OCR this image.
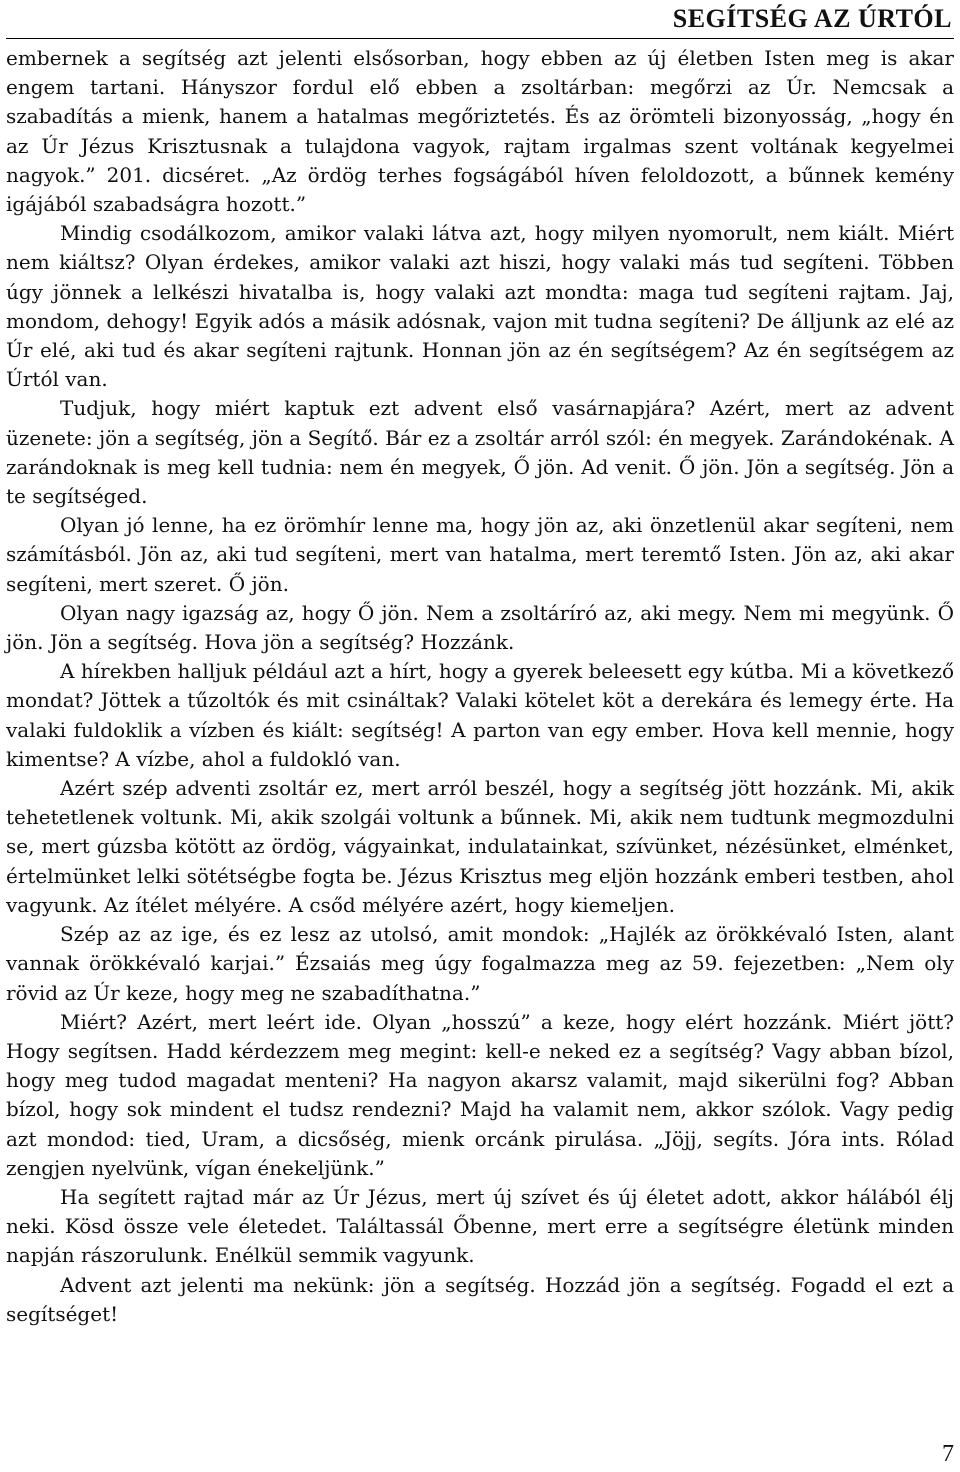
SEGÍTSÉG AZ ÚRTÓL

embernek a segítség azt jelenti elsősorban, hogy ebben az új életben Isten meg is akar engem tartani. Hányszor fordul elő ebben a zsoltárban: megőrzi az Úr. Nemcsak a szabadítás a mienk, hanem a hatalmas megőriztetés. És az örömteli bizonyosság, „hogy én az Úr Jézus Krisztusnak a tulajdona vagyok, rajtam irgalmas szent voltának kegyelmei nagyok.” 201. dicséret. „Az ördög terhes fogságából híven feloldozott, a bűnnek kemény igájából szabadságra hozott.”

Mindig csodálkozom, amikor valaki látva azt, hogy milyen nyomorult, nem kiált. Miért nem kiáltsz? Olyan érdekes, amikor valaki azt hiszi, hogy valaki más tud segíteni. Többen úgy jönnek a lelkészi hivatalba is, hogy valaki azt mondta: maga tud segíteni rajtam. Jaj, mondom, dehogy! Egyik adós a másik adósnak, vajon mit tudna segíteni? De álljunk az elé az Úr elé, aki tud és akar segíteni rajtunk. Honnan jön az én segítségem? Az én segítségem az Úrtól van.

Tudjuk, hogy miért kaptuk ezt advent első vasárnapjára? Azért, mert az advent üzenete: jön a segítség, jön a Segítő. Bár ez a zsoltár arról szól: én megyek. Zarándokénak. A zarándoknak is meg kell tudnia: nem én megyek, Ő jön. Ad venit. Ő jön. Jön a segítség. Jön a te segítséged.

Olyan jó lenne, ha ez örömhír lenne ma, hogy jön az, aki önzetlenül akar segíteni, nem számításból. Jön az, aki tud segíteni, mert van hatalma, mert teremtő Isten. Jön az, aki akar segíteni, mert szeret. Ő jön.

Olyan nagy igazság az, hogy Ő jön. Nem a zsoltáríró az, aki megy. Nem mi megyünk. Ő jön. Jön a segítség. Hova jön a segítség? Hozzánk.

A hírekben halljuk például azt a hírt, hogy a gyerek beleesett egy kútba. Mi a következő mondat? Jöttek a tűzoltók és mit csináltak? Valaki kötelet köt a derekára és lemegy érte. Ha valaki fuldoklik a vízben és kiált: segítség! A parton van egy ember. Hova kell mennie, hogy kimentse? A vízbe, ahol a fuldokló van.

Azért szép adventi zsoltár ez, mert arról beszél, hogy a segítség jött hozzánk. Mi, akik tehetetlenek voltunk. Mi, akik szolgái voltunk a bűnnek. Mi, akik nem tudtunk megmozdulni se, mert gúzsba kötött az ördög, vágyainkat, indulatainkat, szívünket, nézésünket, elménket, értelmünket lelki sötétségbe fogta be. Jézus Krisztus meg eljön hozzánk emberi testben, ahol vagyunk. Az ítélet mélyére. A csőd mélyére azért, hogy kiemeljen.

Szép az az ige, és ez lesz az utolsó, amit mondok: „Hajlék az örökkévaló Isten, alant vannak örökkévaló karjai.” Ézsaiás meg úgy fogalmazza meg az 59. fejezetben: „Nem oly rövid az Úr keze, hogy meg ne szabadíthatna.”

Miért? Azért, mert leért ide. Olyan „hosszú” a keze, hogy elért hozzánk. Miért jött? Hogy segítsen. Hadd kérdezzem meg megint: kell-e neked ez a segítség? Vagy abban bízol, hogy meg tudod magadat menteni? Ha nagyon akarsz valamit, majd sikerülni fog? Abban bízol, hogy sok mindent el tudsz rendezni? Majd ha valamit nem, akkor szólok. Vagy pedig azt mondod: tied, Uram, a dicsőség, mienk orcánk pirulása. „Jöjj, segíts. Jóra ints. Rólad zengjen nyelvünk, vígan énekeljünk.”

Ha segített rajtad már az Úr Jézus, mert új szívet és új életet adott, akkor hálából élj neki. Kösd össze vele életedet. Találtassál Őbenne, mert erre a segítségre életünk minden napján rászorulunk. Enélkül semmik vagyunk.

Advent azt jelenti ma nekünk: jön a segítség. Hozzád jön a segítség. Fogadd el ezt a segítséget!

7
